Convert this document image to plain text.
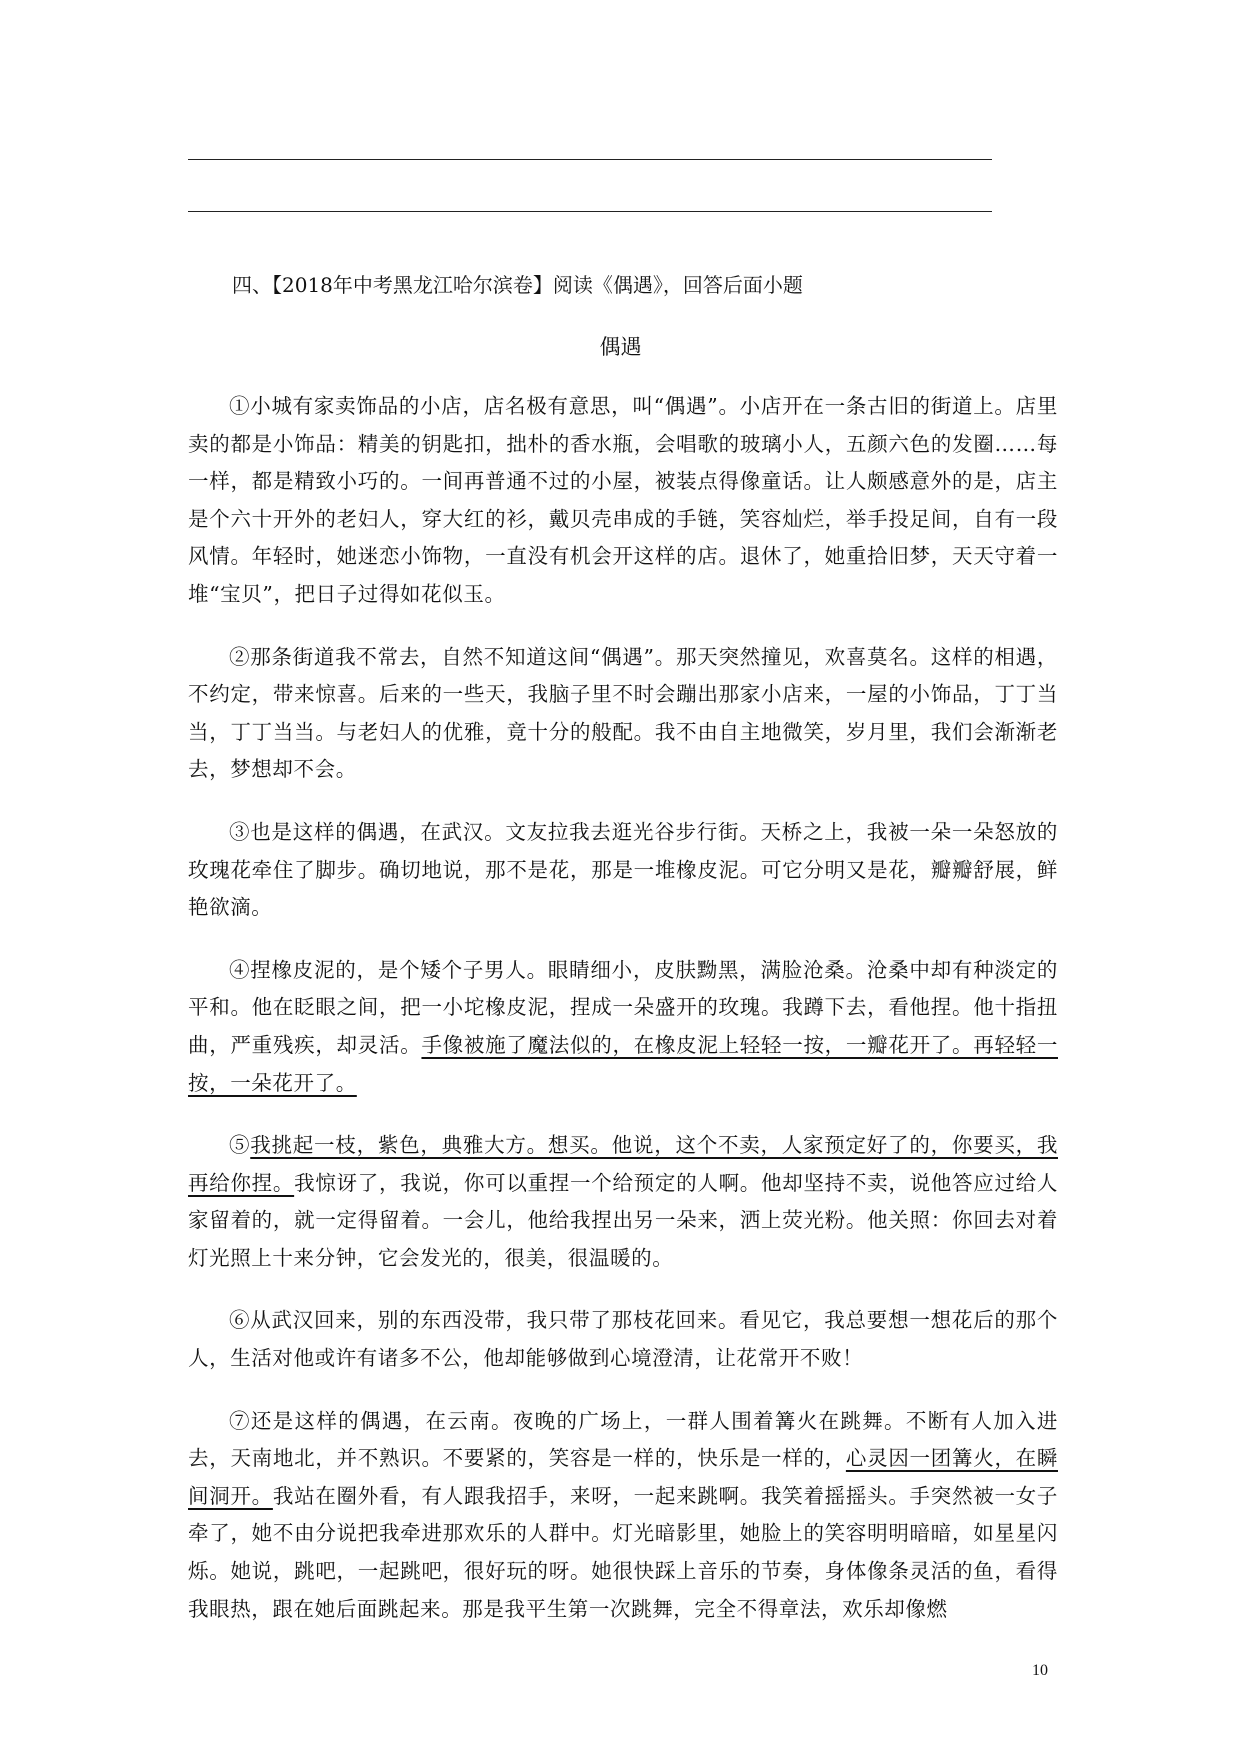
四、【2018年中考黑龙江哈尔滨卷】阅读《偶遇》，回答后面小题
偶遇

①小城有家卖饰品的小店，店名极有意思，叫“偶遇”。小店开在一条古旧的街道上。店里卖的都是小饰品：精美的钥匙扣，拙朴的香水瓶，会唱歌的玻璃小人，五颜六色的发圈……每一样，都是精致小巧的。一间再普通不过的小屋，被装点得像童话。让人颇感意外的是，店主是个六十开外的老妇人，穿大红的衫，戴贝壳串成的手链，笑容灿烂，举手投足间，自有一段风情。年轻时，她迷恋小饰物，一直没有机会开这样的店。退休了，她重拾旧梦，天天守着一堆“宝贝”，把日子过得如花似玉。

②那条街道我不常去，自然不知道这间“偶遇”。那天突然撞见，欢喜莫名。这样的相遇，不约定，带来惊喜。后来的一些天，我脑子里不时会蹦出那家小店来，一屋的小饰品，丁丁当当，丁丁当当。与老妇人的优雅，竟十分的般配。我不由自主地微笑，岁月里，我们会渐渐老去，梦想却不会。

③也是这样的偶遇，在武汉。文友拉我去逛光谷步行街。天桥之上，我被一朵一朵怒放的玫瑰花牵住了脚步。确切地说，那不是花，那是一堆橡皮泥。可它分明又是花，瓣瓣舒展，鲜艳欲滴。

④捏橡皮泥的，是个矮个子男人。眼睛细小，皮肤黝黑，满脸沧桑。沧桑中却有种淡定的平和。他在眨眼之间，把一小坨橡皮泥，捏成一朵盛开的玫瑰。我蹲下去，看他捏。他十指扭曲，严重残疾，却灵活。手像被施了魔法似的，在橡皮泥上轻轻一按，一瓣花开了。再轻轻一按，一朵花开了。

⑤我挑起一枝，紫色，典雅大方。想买。他说，这个不卖，人家预定好了的，你要买，我再给你捏。我惊讶了，我说，你可以重捏一个给预定的人啊。他却坚持不卖，说他答应过给人家留着的，就一定得留着。一会儿，他给我捏出另一朵来，洒上荧光粉。他关照：你回去对着灯光照上十来分钟，它会发光的，很美，很温暖的。

⑥从武汉回来，别的东西没带，我只带了那枝花回来。看见它，我总要想一想花后的那个人，生活对他或许有诸多不公，他却能够做到心境澄清，让花常开不败！

⑦还是这样的偶遇，在云南。夜晚的广场上，一群人围着篝火在跳舞。不断有人加入进去，天南地北，并不熟识。不要紧的，笑容是一样的，快乐是一样的，心灵因一团篝火，在瞬间洞开。我站在圈外看，有人跟我招手，来呀，一起来跳啊。我笑着摇摇头。手突然被一女子牵了，她不由分说把我牵进那欢乐的人群中。灯光暗影里，她脸上的笑容明明暗暗，如星星闪烁。她说，跳吧，一起跳吧，很好玩的呀。她很快踩上音乐的节奏，身体像条灵活的鱼，看得我眼热，跟在她后面跳起来。那是我平生第一次跳舞，完全不得章法，欢乐却像燃

10
